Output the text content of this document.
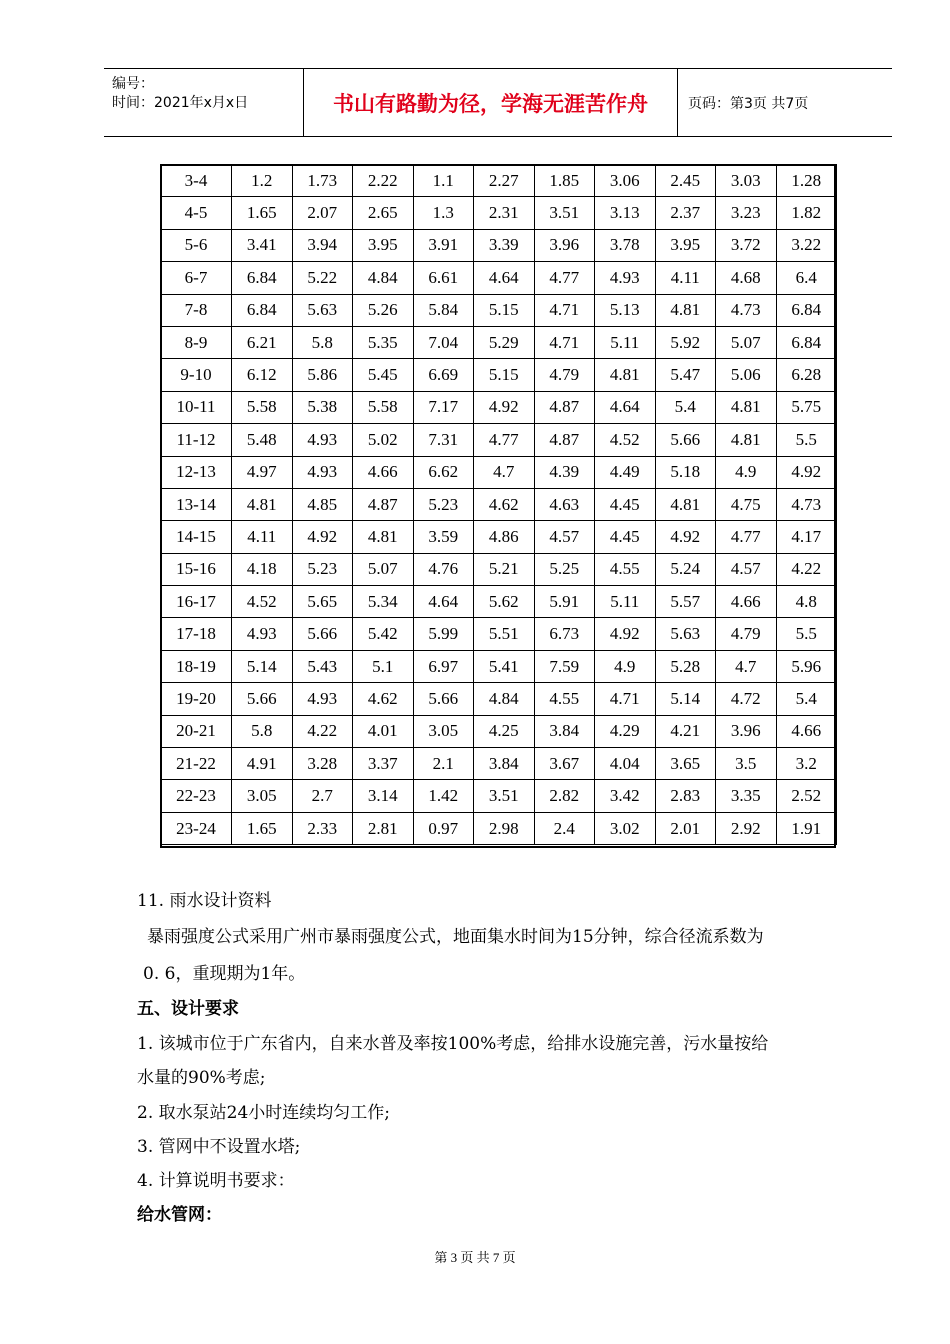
编号：
时间：2021年x月x日	书山有路勤为径，学海无涯苦作舟	页码：第3页 共7页
3-4	1.2	1.73	2.22	1.1	2.27	1.85	3.06	2.45	3.03	1.28
4-5	1.65	2.07	2.65	1.3	2.31	3.51	3.13	2.37	3.23	1.82
5-6	3.41	3.94	3.95	3.91	3.39	3.96	3.78	3.95	3.72	3.22
6-7	6.84	5.22	4.84	6.61	4.64	4.77	4.93	4.11	4.68	6.4
7-8	6.84	5.63	5.26	5.84	5.15	4.71	5.13	4.81	4.73	6.84
8-9	6.21	5.8	5.35	7.04	5.29	4.71	5.11	5.92	5.07	6.84
9-10	6.12	5.86	5.45	6.69	5.15	4.79	4.81	5.47	5.06	6.28
10-11	5.58	5.38	5.58	7.17	4.92	4.87	4.64	5.4	4.81	5.75
11-12	5.48	4.93	5.02	7.31	4.77	4.87	4.52	5.66	4.81	5.5
12-13	4.97	4.93	4.66	6.62	4.7	4.39	4.49	5.18	4.9	4.92
13-14	4.81	4.85	4.87	5.23	4.62	4.63	4.45	4.81	4.75	4.73
14-15	4.11	4.92	4.81	3.59	4.86	4.57	4.45	4.92	4.77	4.17
15-16	4.18	5.23	5.07	4.76	5.21	5.25	4.55	5.24	4.57	4.22
16-17	4.52	5.65	5.34	4.64	5.62	5.91	5.11	5.57	4.66	4.8
17-18	4.93	5.66	5.42	5.99	5.51	6.73	4.92	5.63	4.79	5.5
18-19	5.14	5.43	5.1	6.97	5.41	7.59	4.9	5.28	4.7	5.96
19-20	5.66	4.93	4.62	5.66	4.84	4.55	4.71	5.14	4.72	5.4
20-21	5.8	4.22	4.01	3.05	4.25	3.84	4.29	4.21	3.96	4.66
21-22	4.91	3.28	3.37	2.1	3.84	3.67	4.04	3.65	3.5	3.2
22-23	3.05	2.7	3.14	1.42	3.51	2.82	3.42	2.83	3.35	2.52
23-24	1.65	2.33	2.81	0.97	2.98	2.4	3.02	2.01	2.92	1.91
11. 雨水设计资料
暴雨强度公式采用广州市暴雨强度公式，地面集水时间为15分钟，综合径流系数为
0. 6，重现期为1年。
五、设计要求
1. 该城市位于广东省内，自来水普及率按100%考虑，给排水设施完善，污水量按给
水量的90%考虑;
2. 取水泵站24小时连续均匀工作;
3. 管网中不设置水塔;
4. 计算说明书要求：
给水管网：
第 3 页 共 7 页
